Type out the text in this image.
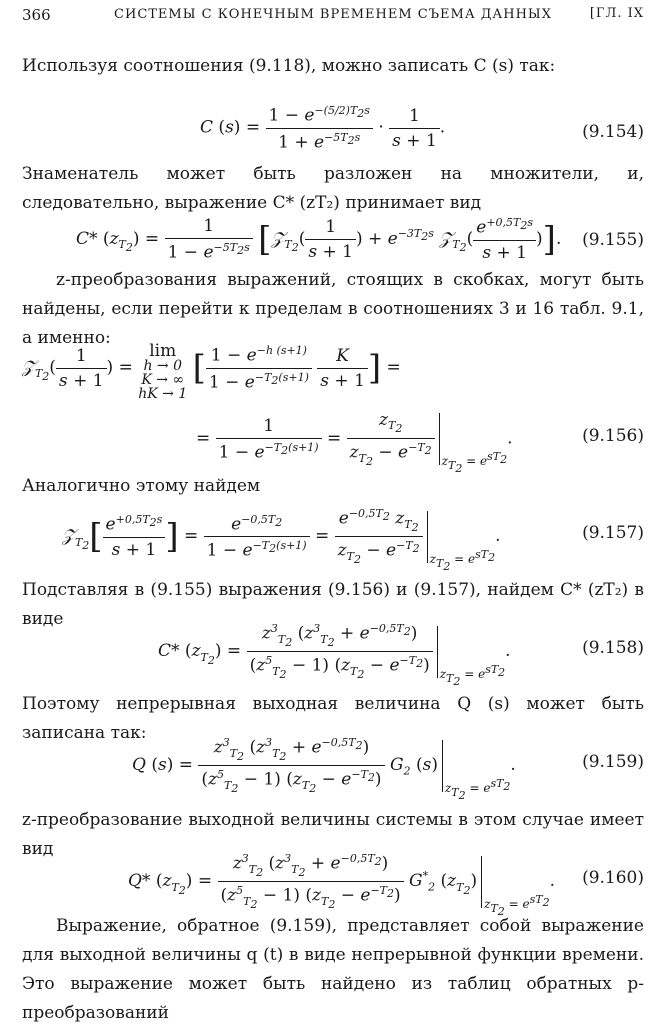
366	СИСТЕМЫ С КОНЕЧНЫМ ВРЕМЕНЕМ СЪЕМА ДАННЫХ	[ГЛ. IX
Используя соотношения (9.118), можно записать C (s) так:
C $(s) = \frac{1 - e^{-(5/2)T_2s}}{1 + e^{-5T_2s}} \cdot \frac{1}{s + 1}$ .	(9.154)
Знаменатель может быть разложен на множители, и, следовательно, выражение C* (zT₂) принимает вид
C* $(z_{T_2}) = \frac{1}{1 - e^{-5T_2s}}$ [𝒵$_{T_2}$( $\frac{1}{s + 1}$ ) + $e^{-3T_2s}$ 𝒵$_{T_2}$( $\frac{e^{+0,5T_2s}}{s + 1}$ )]. (9.155)
z-преобразования выражений, стоящих в скобках, могут быть найдены, если перейти к пределам в соотношениях 3 и 16 табл. 9.1, а именно:
𝒵$_{T_2}$( $\frac{1}{s + 1}$ ) = lim
h → 0
K → ∞
hK → 1 [ $\frac{1 - e^{-h (s+1)}}{1 - e^{-T_2(s+1)}}$
$\frac{K}{s + 1}$ ] =
= $\frac{1}{1 - e^{-T_2(s+1)}} = \frac{z_{T_2}}{z_{T_2} - e^{-T_2}} _{z_{T_2} = e^{sT_2}}$.	(9.156)
Аналогично этому найдем
𝒵$_{T_2}$[ $\frac{e^{+0,5T_2s}}{s + 1}$ ] = $\frac{e^{-0,5T_2}}{1 - e^{-T_2(s+1)}} = \frac{e^{-0,5T_2} z_{T_2}}{z_{T_2} - e^{-T_2}} _{z_{T_2} = e^{sT_2}}$.	(9.157)
Подставляя в (9.155) выражения (9.156) и (9.157), найдем C* (zT₂) в виде
C* $(z_{T_2}) = \frac{z^3_{T_2} (z^3_{T_2} + e^{-0,5T_2})}{(z^5_{T_2} - 1) (z_{T_2} - e^{-T_2})} _{z_{T_2} = e^{sT_2}}$.	(9.158)
Поэтому непрерывная выходная величина Q (s) может быть записана так:
Q $(s) = \frac{z^3_{T_2} (z^3_{T_2} + e^{-0,5T_2})}{(z^5_{T_2} - 1) (z_{T_2} - e^{-T_2})} G_2$ $(s)_{z_{T_2} = e^{sT_2}}$.	(9.159)
z-преобразование выходной величины системы в этом случае имеет вид
Q* $(z_{T_2}) = \frac{z^3_{T_2} (z^3_{T_2} + e^{-0,5T_2})}{(z^5_{T_2} - 1) (z_{T_2} - e^{-T_2})} G^*_2$ $(z_{T_2})_{z_{T_2} = e^{sT_2}}$. (9.160)
Выражение, обратное (9.159), представляет собой выражение для выходной величины q (t) в виде непрерывной функции времени. Это выражение может быть найдено из таблиц обратных p-преобразований
